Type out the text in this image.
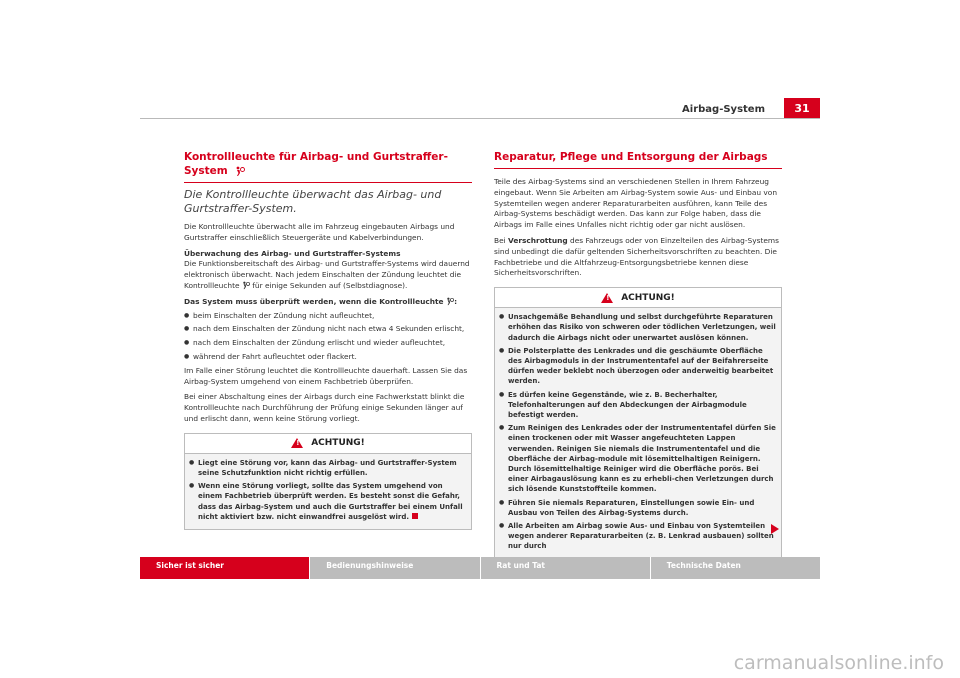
Airbag-System	31
Kontrollleuchte für Airbag- und Gurtstraffer-System
Die Kontrollleuchte überwacht das Airbag- und Gurtstraffer-System.

Die Kontrollleuchte überwacht alle im Fahrzeug eingebauten Airbags und Gurtstraffer einschließlich Steuergeräte und Kabelverbindungen.

Überwachung des Airbag- und Gurtstraffer-Systems

Die Funktionsbereitschaft des Airbag- und Gurtstraffer-Systems wird dauernd elektronisch überwacht. Nach jedem Einschalten der Zündung leuchtet die Kontrollleuchte für einige Sekunden auf (Selbstdiagnose).

Das System muss überprüft werden, wenn die Kontrollleuchte :
● beim Einschalten der Zündung nicht aufleuchtet,
● nach dem Einschalten der Zündung nicht nach etwa 4 Sekunden erlischt,
● nach dem Einschalten der Zündung erlischt und wieder aufleuchtet,
● während der Fahrt aufleuchtet oder flackert.

Im Falle einer Störung leuchtet die Kontrollleuchte dauerhaft. Lassen Sie das Airbag-System umgehend von einem Fachbetrieb überprüfen.

Bei einer Abschaltung eines der Airbags durch eine Fachwerkstatt blinkt die Kontrollleuchte nach Durchführung der Prüfung einige Sekunden länger auf und erlischt dann, wenn keine Störung vorliegt.

! ACHTUNG!
● Liegt eine Störung vor, kann das Airbag- und Gurtstraffer-System seine Schutzfunktion nicht richtig erfüllen.
● Wenn eine Störung vorliegt, sollte das System umgehend von einem Fachbetrieb überprüft werden. Es besteht sonst die Gefahr, dass das Airbag-System und auch die Gurtstraffer bei einem Unfall nicht aktiviert bzw. nicht einwandfrei ausgelöst wird.
Reparatur, Pflege und Entsorgung der Airbags

Teile des Airbag-Systems sind an verschiedenen Stellen in Ihrem Fahrzeug eingebaut. Wenn Sie Arbeiten am Airbag-System sowie Aus- und Einbau von Systemteilen wegen anderer Reparaturarbeiten ausführen, kann Teile des Airbag-Systems beschädigt werden. Das kann zur Folge haben, dass die Airbags im Falle eines Unfalles nicht richtig oder gar nicht auslösen.

Bei Verschrottung des Fahrzeugs oder von Einzelteilen des Airbag-Systems sind unbedingt die dafür geltenden Sicherheitsvorschriften zu beachten. Die Fachbetriebe und die Altfahrzeug-Entsorgungsbetriebe kennen diese Sicherheitsvorschriften.

! ACHTUNG!
● Unsachgemäße Behandlung und selbst durchgeführte Reparaturen erhöhen das Risiko von schweren oder tödlichen Verletzungen, weil dadurch die Airbags nicht oder unerwartet auslösen können.
● Die Polsterplatte des Lenkrades und die geschäumte Oberfläche des Airbagmoduls in der Instrumententafel auf der Beifahrerseite dürfen weder beklebt noch überzogen oder anderweitig bearbeitet werden.
● Es dürfen keine Gegenstände, wie z. B. Becherhalter, Telefonhalterungen auf den Abdeckungen der Airbagmodule befestigt werden.
● Zum Reinigen des Lenkrades oder der Instrumententafel dürfen Sie einen trockenen oder mit Wasser angefeuchteten Lappen verwenden. Reinigen Sie niemals die Instrumententafel und die Oberfläche der Airbag-module mit lösemittelhaltigen Reinigern. Durch lösemittelhaltige Reiniger wird die Oberfläche porös. Bei einer Airbagauslösung kann es zu erhebli-chen Verletzungen durch sich lösende Kunststoffteile kommen.
● Führen Sie niemals Reparaturen, Einstellungen sowie Ein- und Ausbau von Teilen des Airbag-Systems durch.
● Alle Arbeiten am Airbag sowie Aus- und Einbau von Systemteilen wegen anderer Reparaturarbeiten (z. B. Lenkrad ausbauen) sollten nur durch
Sicher ist sicher	Bedienungshinweise	Rat und Tat	Technische Daten
carmanualsonline.info
